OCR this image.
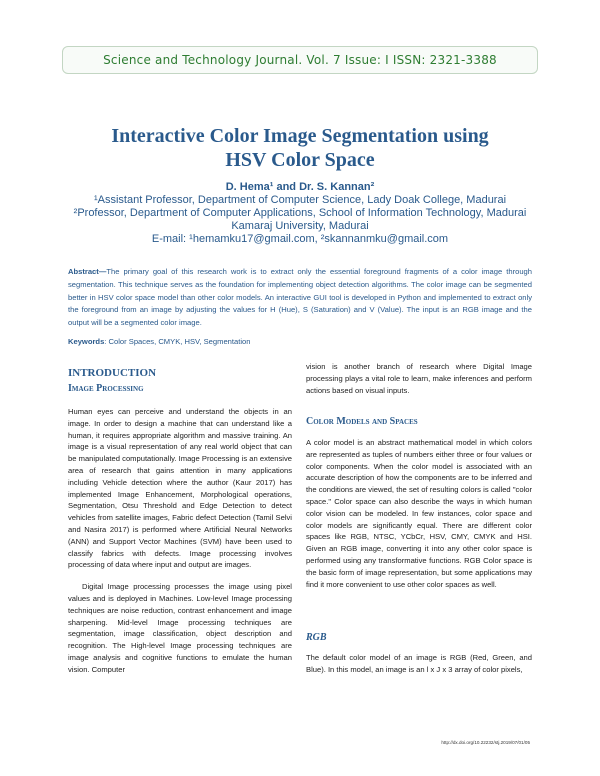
Science and Technology Journal. Vol. 7 Issue: I ISSN: 2321-3388
Interactive Color Image Segmentation using
HSV Color Space
D. Hema¹ and Dr. S. Kannan²
¹Assistant Professor, Department of Computer Science, Lady Doak College, Madurai
²Professor, Department of Computer Applications, School of Information Technology, Madurai
Kamaraj University, Madurai
E-mail: ¹hemamku17@gmail.com, ²skannanmku@gmail.com
Abstract—The primary goal of this research work is to extract only the essential foreground fragments of a color image through segmentation. This technique serves as the foundation for implementing object detection algorithms. The color image can be segmented better in HSV color space model than other color models. An interactive GUI tool is developed in Python and implemented to extract only the foreground from an image by adjusting the values for H (Hue), S (Saturation) and V (Value). The input is an RGB image and the output will be a segmented color image.
Keywords: Color Spaces, CMYK, HSV, Segmentation
INTRODUCTION
Image Processing

Human eyes can perceive and understand the objects in an image. In order to design a machine that can understand like a human, it requires appropriate algorithm and massive training. An image is a visual representation of any real world object that can be manipulated computationally. Image Processing is an extensive area of research that gains attention in many applications including Vehicle detection where the author (Kaur 2017) has implemented Image Enhancement, Morphological operations, Segmentation, Otsu Threshold and Edge Detection to detect vehicles from satellite images, Fabric defect Detection (Tamil Selvi and Nasira 2017) is performed where Artificial Neural Networks (ANN) and Support Vector Machines (SVM) have been used to classify fabrics with defects. Image processing involves processing of data where input and output are images.

Digital Image processing processes the image using pixel values and is deployed in Machines. Low-level Image processing techniques are noise reduction, contrast enhancement and image sharpening. Mid-level Image processing techniques are segmentation, image classification, object description and recognition. The High-level Image processing techniques are image analysis and cognitive functions to emulate the human vision. Computer

vision is another branch of research where Digital Image processing plays a vital role to learn, make inferences and perform actions based on visual inputs.

Color Models and Spaces

A color model is an abstract mathematical model in which colors are represented as tuples of numbers either three or four values or color components. When the color model is associated with an accurate description of how the components are to be inferred and the conditions are viewed, the set of resulting colors is called "color space." Color space can also describe the ways in which human color vision can be modeled. In few instances, color space and color models are significantly equal. There are different color spaces like RGB, NTSC, YCbCr, HSV, CMY, CMYK and HSI. Given an RGB image, converting it into any other color space is performed using any transformative functions. RGB Color space is the basic form of image representation, but some applications may find it more convenient to use other color spaces as well.

RGB

The default color model of an image is RGB (Red, Green, and Blue). In this model, an image is an l x J x 3 array of color pixels,

http://dx.doi.org/10.22232/stj.2019/07/01/05
